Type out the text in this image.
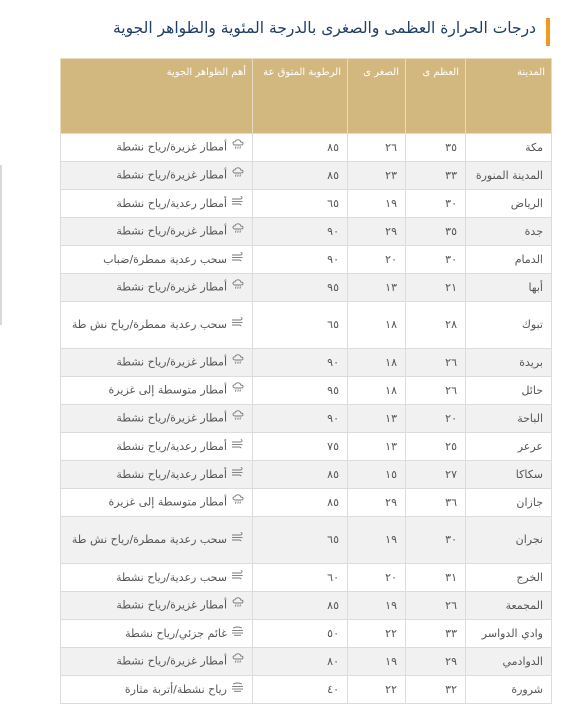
درجات الحرارة العظمى والصغرى بالدرجة المئوية والظواهر الجوية
المدينة	العظم ى	الصغر ى	الرطوبة المتوق عة	أهم الظواهر الجوية
مكة	٣٥	٢٦	٨٥	أمطار غزيرة/رياح نشطة
المدينة المنورة	٣٣	٢٣	٨٥	أمطار غزيرة/رياح نشطة
الرياض	٣٠	١٩	٦٥	أمطار رعدية/رياح نشطة
جدة	٣٥	٢٩	٩٠	أمطار غزيرة/رياح نشطة
الدمام	٣٠	٢٠	٩٠	سحب رعدية ممطرة/ضباب
أبها	٢١	١٣	٩٥	أمطار غزيرة/رياح نشطة
تبوك	٢٨	١٨	٦٥	سحب رعدية ممطرة/رياح نش طة
بريدة	٢٦	١٨	٩٠	أمطار غزيرة/رياح نشطة
حائل	٢٦	١٨	٩٥	أمطار متوسطة إلى غزيرة
الباحة	٢٠	١٣	٩٠	أمطار غزيرة/رياح نشطة
عرعر	٢٥	١٣	٧٥	أمطار رعدية/رياح نشطة
سكاكا	٢٧	١٥	٨٥	أمطار رعدية/رياح نشطة
جازان	٣٦	٢٩	٨٥	أمطار متوسطة إلى غزيرة
نجران	٣٠	١٩	٦٥	سحب رعدية ممطرة/رياح نش طة
الخرج	٣١	٢٠	٦٠	سحب رعدية/رياح نشطة
المجمعة	٢٦	١٩	٨٥	أمطار غزيرة/رياح نشطة
وادي الدواسر	٣٣	٢٢	٥٠	غائم جزئي/رياح نشطة
الدوادمي	٢٩	١٩	٨٠	أمطار غزيرة/رياح نشطة
شرورة	٣٢	٢٢	٤٠	رياح نشطة/أتربة مثارة
